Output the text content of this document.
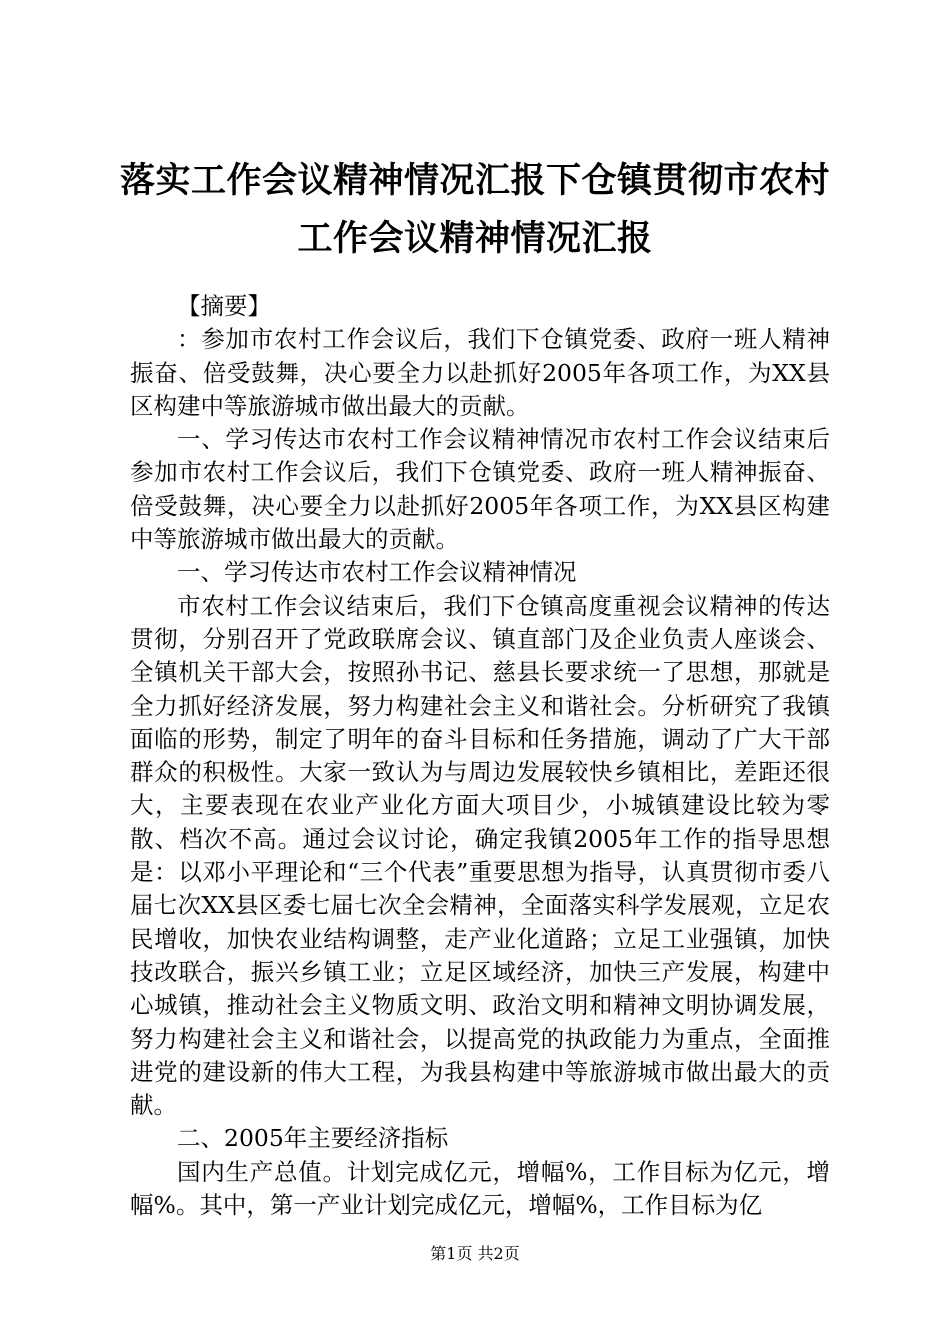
落实工作会议精神情况汇报下仓镇贯彻市农村工作会议精神情况汇报

【摘要】

：参加市农村工作会议后，我们下仓镇党委、政府一班人精神振奋、倍受鼓舞，决心要全力以赴抓好2005年各项工作，为XX县区构建中等旅游城市做出最大的贡献。

一、学习传达市农村工作会议精神情况市农村工作会议结束后参加市农村工作会议后，我们下仓镇党委、政府一班人精神振奋、倍受鼓舞，决心要全力以赴抓好2005年各项工作，为XX县区构建中等旅游城市做出最大的贡献。

一、学习传达市农村工作会议精神情况

市农村工作会议结束后，我们下仓镇高度重视会议精神的传达贯彻，分别召开了党政联席会议、镇直部门及企业负责人座谈会、全镇机关干部大会，按照孙书记、慈县长要求统一了思想，那就是全力抓好经济发展，努力构建社会主义和谐社会。分析研究了我镇面临的形势，制定了明年的奋斗目标和任务措施，调动了广大干部群众的积极性。大家一致认为与周边发展较快乡镇相比，差距还很大，主要表现在农业产业化方面大项目少，小城镇建设比较为零散、档次不高。通过会议讨论，确定我镇2005年工作的指导思想是：以邓小平理论和“三个代表”重要思想为指导，认真贯彻市委八届七次XX县区委七届七次全会精神，全面落实科学发展观，立足农民增收，加快农业结构调整，走产业化道路；立足工业强镇，加快技改联合，振兴乡镇工业；立足区域经济，加快三产发展，构建中心城镇，推动社会主义物质文明、政治文明和精神文明协调发展，努力构建社会主义和谐社会，以提高党的执政能力为重点，全面推进党的建设新的伟大工程，为我县构建中等旅游城市做出最大的贡献。

二、2005年主要经济指标

国内生产总值。计划完成亿元，增幅%，工作目标为亿元，增幅%。其中，第一产业计划完成亿元，增幅%，工作目标为亿

第1页 共2页
